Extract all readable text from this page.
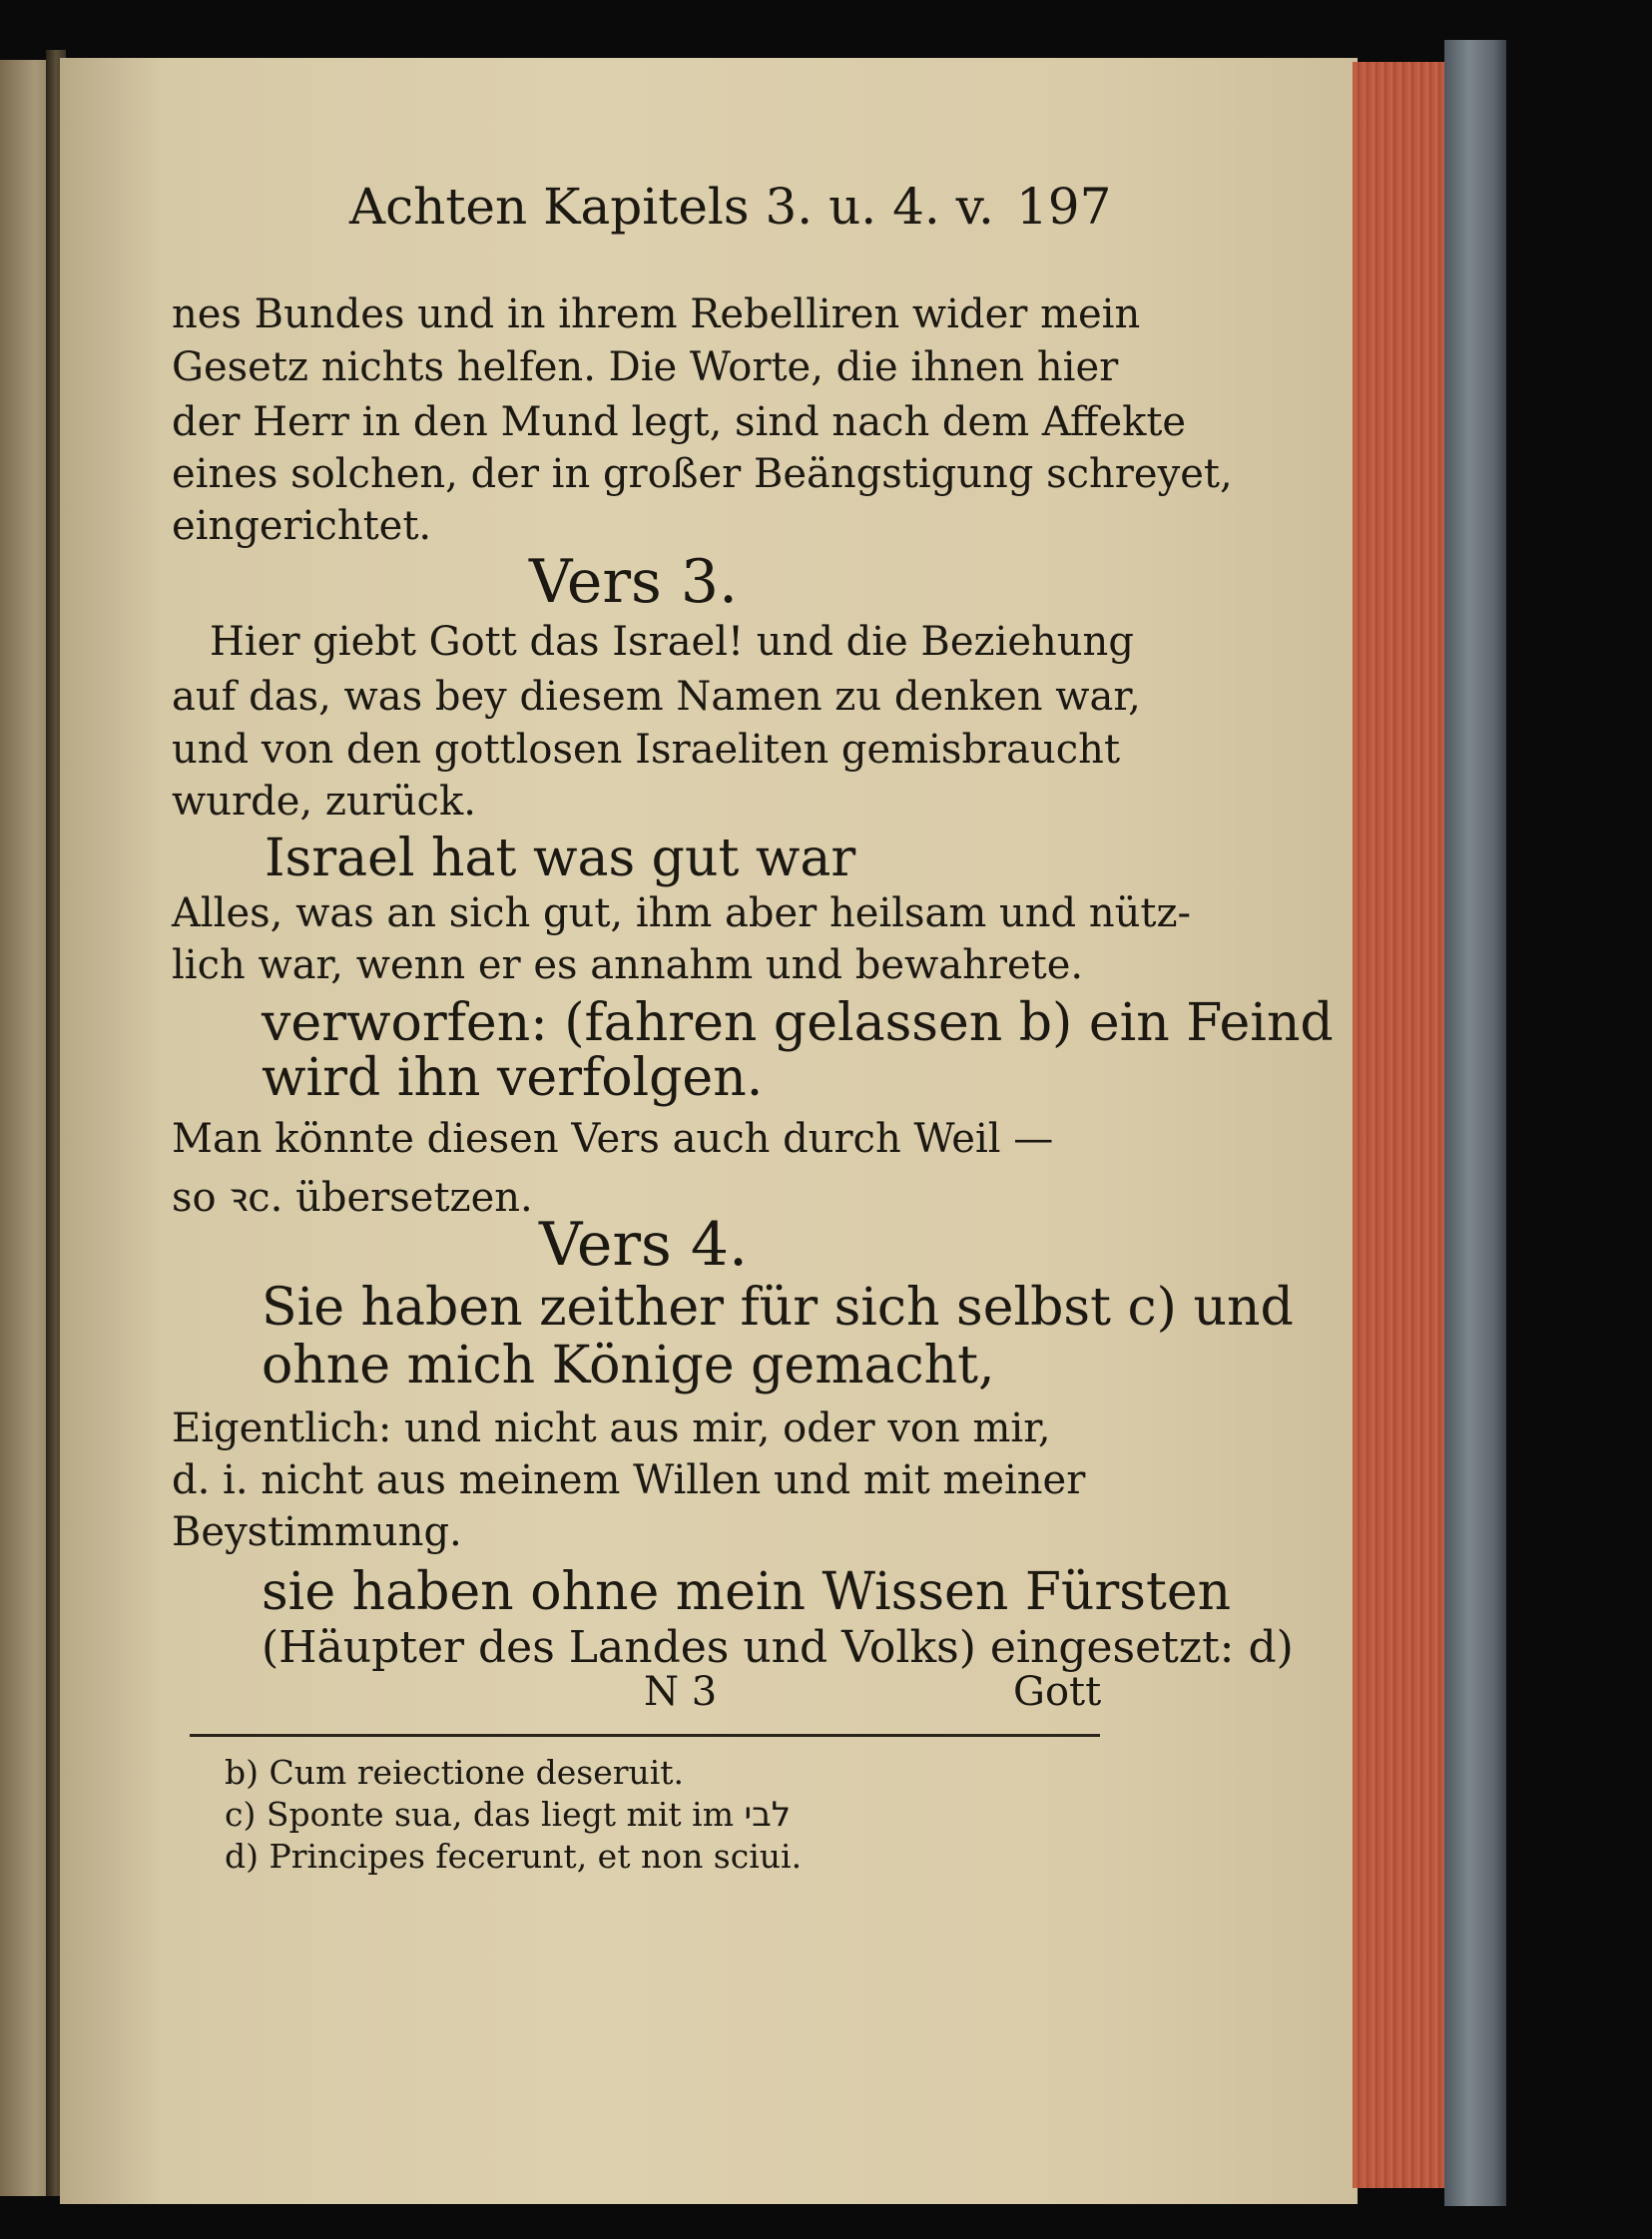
Achten Kapitels 3. u. 4. v. 197
nes Bundes und in ihrem Rebelliren wider mein
Gesetz nichts helfen. Die Worte, die ihnen hier
der Herr in den Mund legt, sind nach dem Affekte
eines solchen, der in großer Beängstigung schreyet,
eingerichtet.
Vers 3.
Hier giebt Gott das Israel! und die Beziehung
auf das, was bey diesem Namen zu denken war,
und von den gottlosen Israeliten gemisbraucht
wurde, zurück.
Israel hat was gut war
Alles, was an sich gut, ihm aber heilsam und nütz-
lich war, wenn er es annahm und bewahrete.
verworfen: (fahren gelassen b) ein Feind
wird ihn verfolgen.
Man könnte diesen Vers auch durch Weil —
so ꝛc. übersetzen.
Vers 4.
Sie haben zeither für sich selbst c) und
ohne mich Könige gemacht,
Eigentlich: und nicht aus mir, oder von mir,
d. i. nicht aus meinem Willen und mit meiner
Beystimmung.
sie haben ohne mein Wissen Fürsten
(Häupter des Landes und Volks) eingesetzt: d)
N 3	Gott
b) Cum reiectione deseruit.
c) Sponte sua, das liegt mit im לבי
d) Principes fecerunt, et non sciui.
